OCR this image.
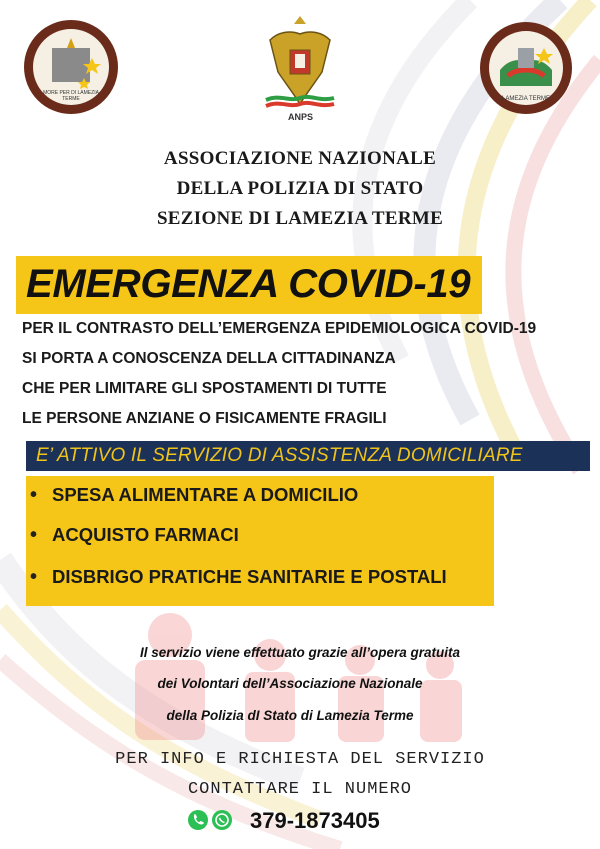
MORE PER DI LAMEZIA TERME
ANPS
LAMEZIA TERME
ASSOCIAZIONE NAZIONALE
DELLA POLIZIA DI STATO
SEZIONE DI LAMEZIA TERME
EMERGENZA COVID-19
PER IL CONTRASTO DELL’EMERGENZA EPIDEMIOLOGICA COVID-19
SI PORTA A CONOSCENZA DELLA CITTADINANZA
CHE PER LIMITARE GLI SPOSTAMENTI DI TUTTE
LE PERSONE ANZIANE O FISICAMENTE FRAGILI
E’ ATTIVO IL SERVIZIO DI ASSISTENZA DOMICILIARE
• SPESA ALIMENTARE A DOMICILIO
• ACQUISTO FARMACI
• DISBRIGO PRATICHE SANITARIE E POSTALI
Il servizio viene effettuato grazie all’opera gratuita
dei Volontari dell’Associazione Nazionale
della Polizia dI Stato di Lamezia Terme
PER INFO E RICHIESTA DEL SERVIZIO
CONTATTARE IL NUMERO
379-1873405
